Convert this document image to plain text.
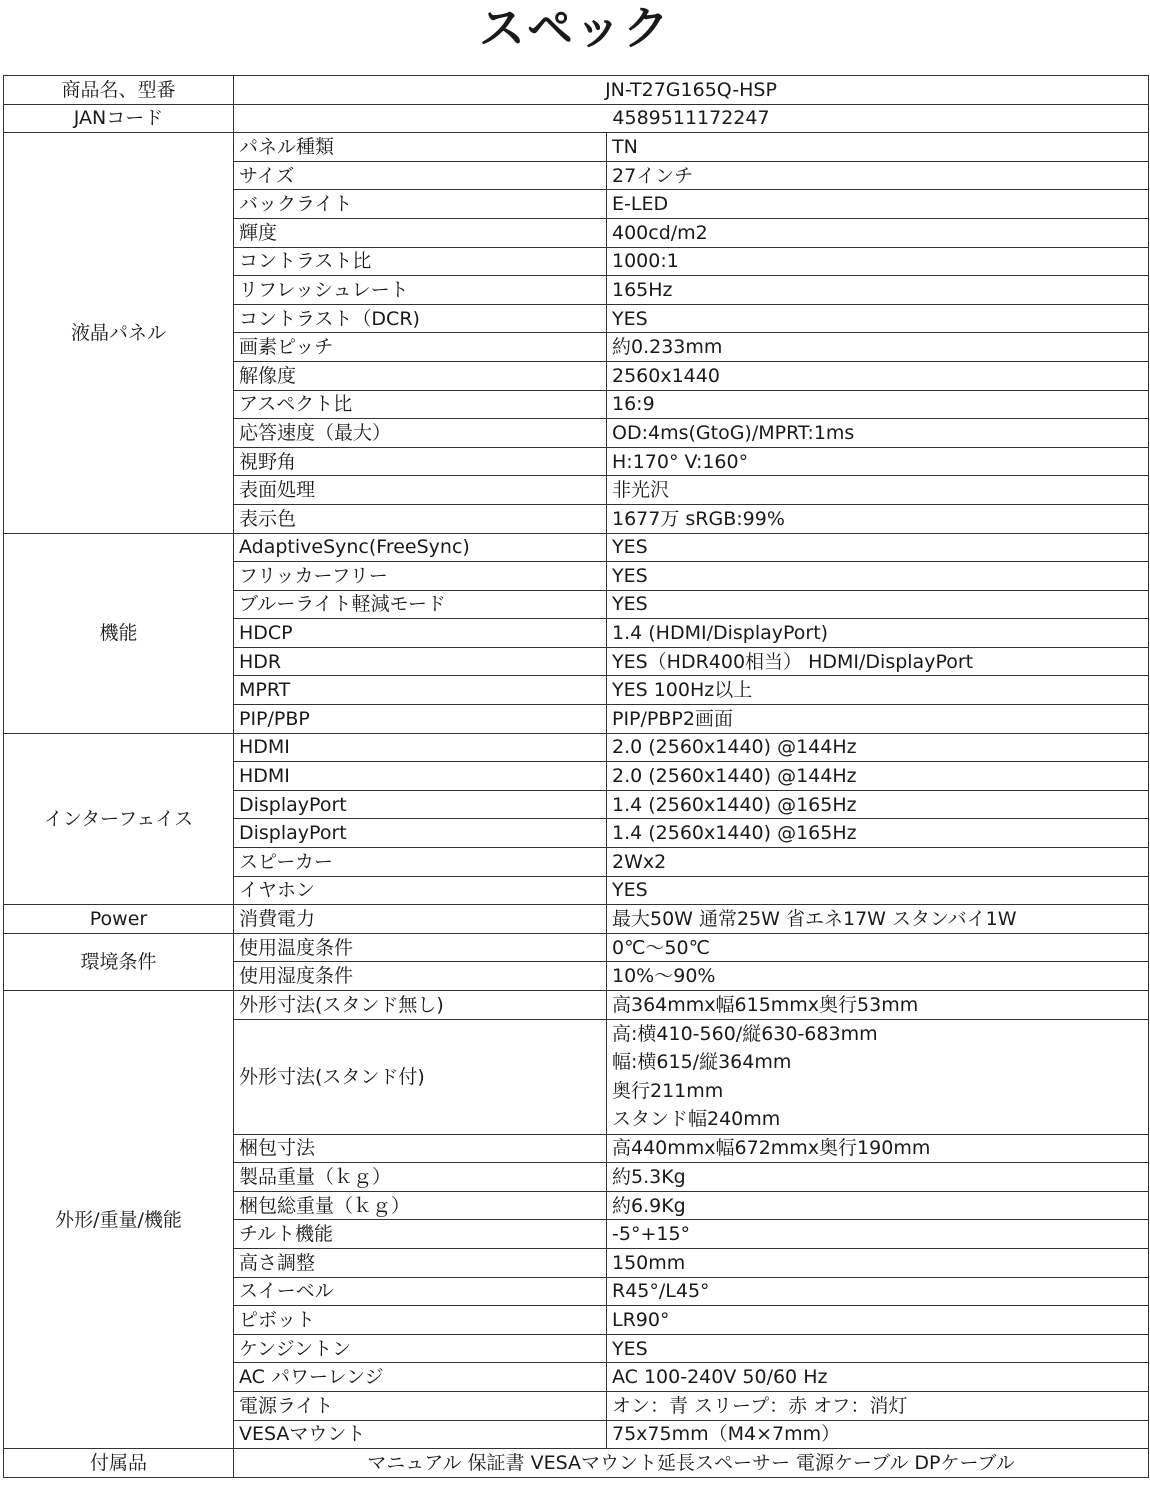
スペック
商品名、型番	JN-T27G165Q-HSP	
JANコード	4589511172247	
液晶パネル	パネル種類	TN
	サイズ	27インチ
	バックライト	E-LED
	輝度	400cd/m2
	コントラスト比	1000:1
	リフレッシュレート	165Hz
	コントラスト（DCR)	YES
	画素ピッチ	約0.233mm
	解像度	2560x1440
	アスペクト比	16:9
	応答速度（最大）	OD:4ms(GtoG)/MPRT:1ms
	視野角	H:170° V:160°
	表面処理	非光沢
	表示色	1677万 sRGB:99%
機能	AdaptiveSync(FreeSync)	YES
	フリッカーフリー	YES
	ブルーライト軽減モード	YES
	HDCP	1.4 (HDMI/DisplayPort)
	HDR	YES（HDR400相当） HDMI/DisplayPort
	MPRT	YES 100Hz以上
	PIP/PBP	PIP/PBP2画面
インターフェイス	HDMI	2.0 (2560x1440) @144Hz
	HDMI	2.0 (2560x1440) @144Hz
	DisplayPort	1.4 (2560x1440) @165Hz
	DisplayPort	1.4 (2560x1440) @165Hz
	スピーカー	2Wx2
	イヤホン	YES
Power	消費電力	最大50W 通常25W 省エネ17W スタンバイ1W
環境条件	使用温度条件	0℃～50℃
	使用湿度条件	10%～90%
外形/重量/機能	外形寸法(スタンド無し)	高364mmx幅615mmx奥行53mm
	外形寸法(スタンド付)	高:横410-560/縦630-683mm
幅:横615/縦364mm
奥行211mm
スタンド幅240mm

	梱包寸法	高440mmx幅672mmx奥行190mm
	製品重量（ｋｇ）	約5.3Kg
	梱包総重量（ｋｇ）	約6.9Kg
	チルト機能	-5°+15°
	高さ調整	150mm
	スイーベル	R45°/L45°
	ピボット	LR90°
	ケンジントン	YES
	AC パワーレンジ	AC 100-240V 50/60 Hz
	電源ライト	オン：青 スリープ：赤 オフ：消灯
	VESAマウント	75x75mm（M4×7mm）
付属品	マニュアル 保証書 VESAマウント延長スペーサー 電源ケーブル DPケーブル	
